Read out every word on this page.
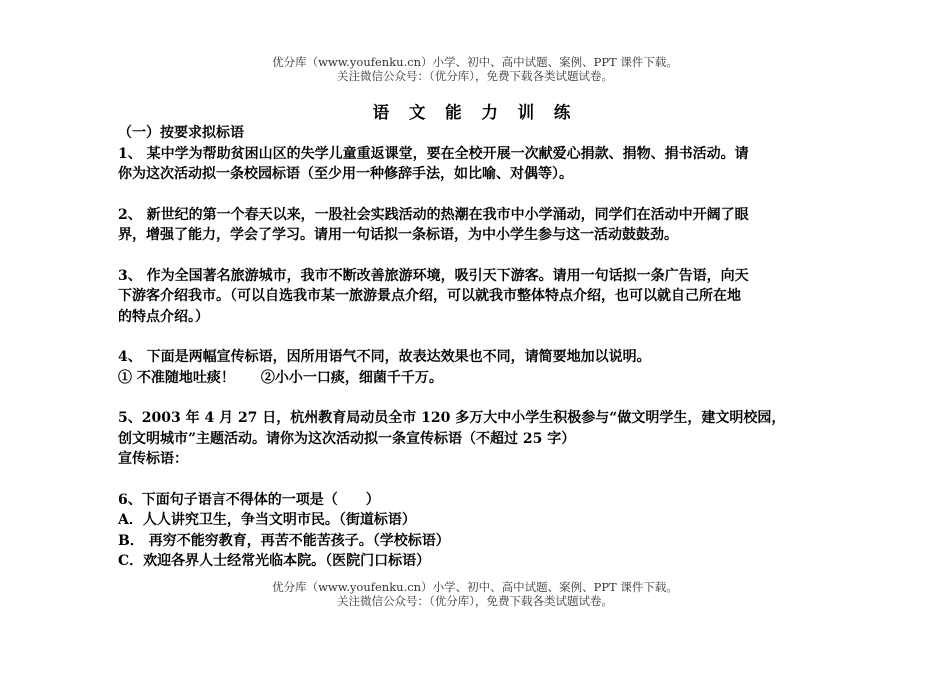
优分库（www.youfenku.cn）小学、初中、高中试题、案例、PPT 课件下载。
关注微信公众号：（优分库），免费下载各类试题试卷。
语 文 能 力 训 练
（一）按要求拟标语
1、 某中学为帮助贫困山区的失学儿童重返课堂，要在全校开展一次献爱心捐款、捐物、捐书活动。请
你为这次活动拟一条校园标语（至少用一种修辞手法，如比喻、对偶等）。
2、 新世纪的第一个春天以来，一股社会实践活动的热潮在我市中小学涌动，同学们在活动中开阔了眼
界，增强了能力，学会了学习。请用一句话拟一条标语，为中小学生参与这一活动鼓鼓劲。
3、 作为全国著名旅游城市，我市不断改善旅游环境，吸引天下游客。请用一句话拟一条广告语，向天
下游客介绍我市。（可以自选我市某一旅游景点介绍，可以就我市整体特点介绍，也可以就自己所在地
的特点介绍。）
4、 下面是两幅宣传标语，因所用语气不同，故表达效果也不同，请简要地加以说明。
① 不准随地吐痰！ ②小小一口痰，细菌千千万。
5、2003 年 4 月 27 日，杭州教育局动员全市 120 多万大中小学生积极参与“做文明学生，建文明校园，
创文明城市”主题活动。请你为这次活动拟一条宣传标语（不超过 25 字）
宣传标语：
6、下面句子语言不得体的一项是（　　）
A．人人讲究卫生，争当文明市民。（街道标语）
B． 再穷不能穷教育，再苦不能苦孩子。（学校标语）
C．欢迎各界人士经常光临本院。（医院门口标语）
优分库（www.youfenku.cn）小学、初中、高中试题、案例、PPT 课件下载。
关注微信公众号：（优分库），免费下载各类试题试卷。
